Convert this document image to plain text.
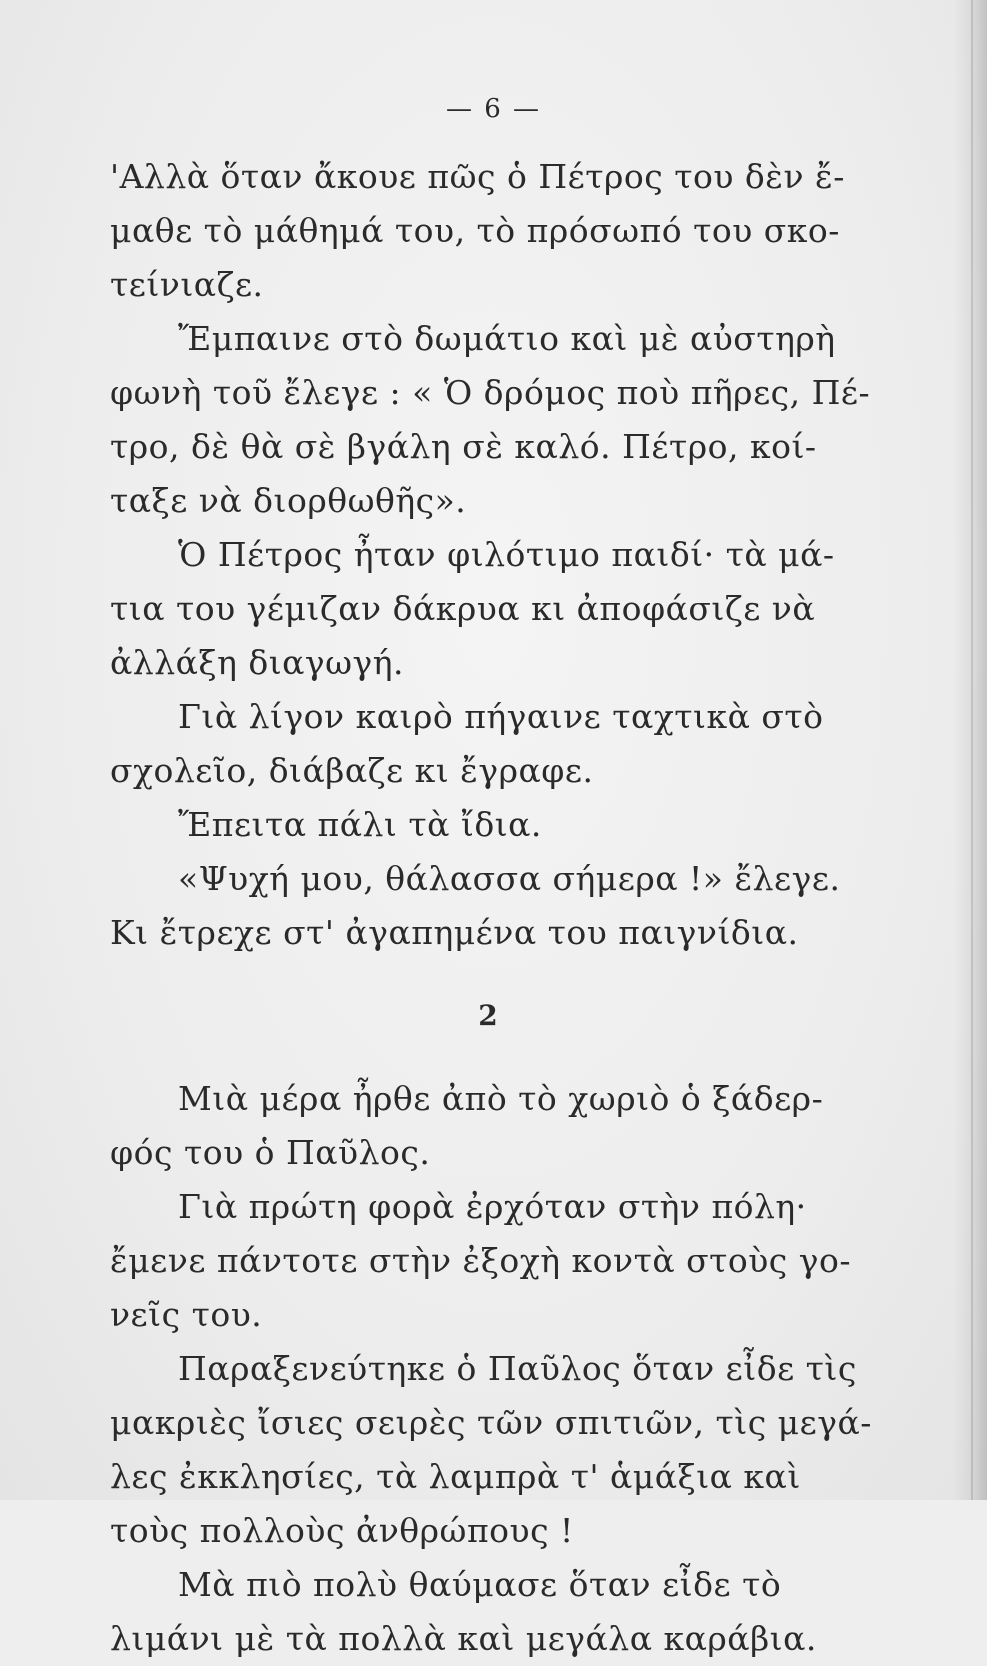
— 6 —
'Αλλὰ ὅταν ἄκουε πῶς ὁ Πέτρος του δὲν ἔ-
μαθε τὸ μάθημά του, τὸ πρόσωπό του σκο-
τείνιαζε.
Ἔμπαινε στὸ δωμάτιο καὶ μὲ αὐστηρὴ
φωνὴ τοῦ ἔλεγε : « Ὁ δρόμος ποὺ πῆρες, Πέ-
τρο, δὲ θὰ σὲ βγάλη σὲ καλό. Πέτρο, κοί-
ταξε νὰ διορθωθῆς».
Ὁ Πέτρος ἦταν φιλότιμο παιδί· τὰ μά-
τια του γέμιζαν δάκρυα κι ἀποφάσιζε νὰ
ἀλλάξη διαγωγή.
Γιὰ λίγον καιρὸ πήγαινε ταχτικὰ στὸ
σχολεῖο, διάβαζε κι ἔγραφε.
Ἔπειτα πάλι τὰ ἴδια.
«Ψυχή μου, θάλασσα σήμερα !» ἔλεγε.
Κι ἔτρεχε στ' ἀγαπημένα του παιγνίδια.
2
Μιὰ μέρα ἦρθε ἀπὸ τὸ χωριὸ ὁ ξάδερ-
φός του ὁ Παῦλος.
Γιὰ πρώτη φορὰ ἐρχόταν στὴν πόλη·
ἔμενε πάντοτε στὴν ἐξοχὴ κοντὰ στοὺς γο-
νεῖς του.
Παραξενεύτηκε ὁ Παῦλος ὅταν εἶδε τὶς
μακριὲς ἴσιες σειρὲς τῶν σπιτιῶν, τὶς μεγά-
λες ἐκκλησίες, τὰ λαμπρὰ τ' ἁμάξια καὶ
τοὺς πολλοὺς ἀνθρώπους !
Μὰ πιὸ πολὺ θαύμασε ὅταν εἶδε τὸ
λιμάνι μὲ τὰ πολλὰ καὶ μεγάλα καράβια.
